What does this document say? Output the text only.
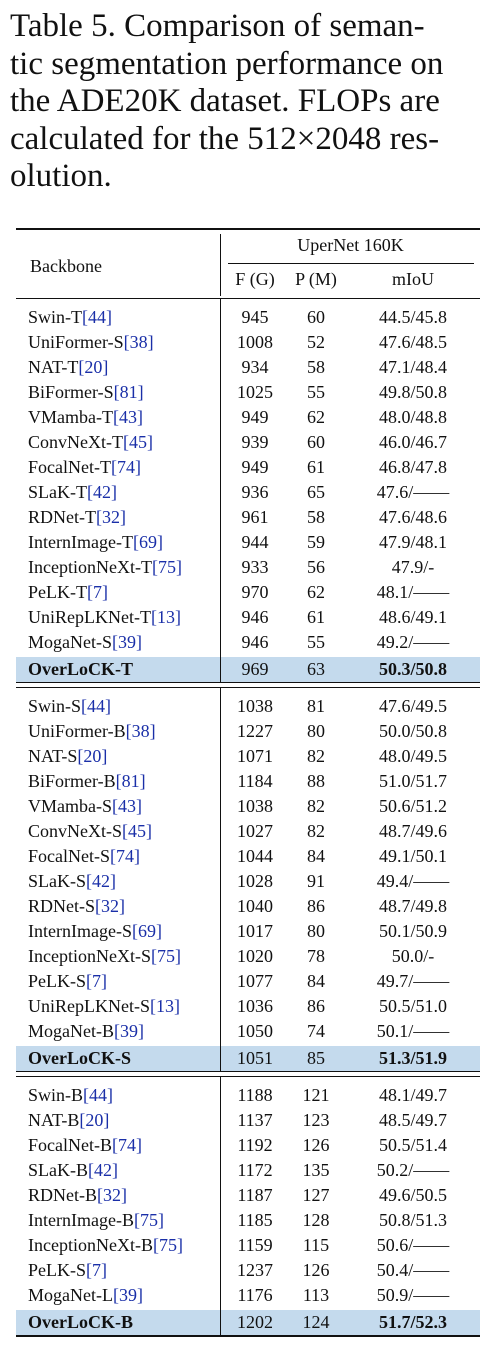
Table 5. Comparison of seman-
tic segmentation performance on
the ADE20K dataset. FLOPs are
calculated for the 512×2048 res-
olution.
Backbone
UperNet 160K
F (G)	P (M)	mIoU
Swin-T[44]	945	60	44.5/45.8
UniFormer-S[38]	1008	52	47.6/48.5
NAT-T[20]	934	58	47.1/48.4
BiFormer-S[81]	1025	55	49.8/50.8
VMamba-T[43]	949	62	48.0/48.8
ConvNeXt-T[45]	939	60	46.0/46.7
FocalNet-T[74]	949	61	46.8/47.8
SLaK-T[42]	936	65	47.6/——
RDNet-T[32]	961	58	47.6/48.6
InternImage-T[69]	944	59	47.9/48.1
InceptionNeXt-T[75]	933	56	47.9/-
PeLK-T[7]	970	62	48.1/——
UniRepLKNet-T[13]	946	61	48.6/49.1
MogaNet-S[39]	946	55	49.2/——
OverLoCK-T	969	63	50.3/50.8
Swin-S[44]	1038	81	47.6/49.5
UniFormer-B[38]	1227	80	50.0/50.8
NAT-S[20]	1071	82	48.0/49.5
BiFormer-B[81]	1184	88	51.0/51.7
VMamba-S[43]	1038	82	50.6/51.2
ConvNeXt-S[45]	1027	82	48.7/49.6
FocalNet-S[74]	1044	84	49.1/50.1
SLaK-S[42]	1028	91	49.4/——
RDNet-S[32]	1040	86	48.7/49.8
InternImage-S[69]	1017	80	50.1/50.9
InceptionNeXt-S[75]	1020	78	50.0/-
PeLK-S[7]	1077	84	49.7/——
UniRepLKNet-S[13]	1036	86	50.5/51.0
MogaNet-B[39]	1050	74	50.1/——
OverLoCK-S	1051	85	51.3/51.9
Swin-B[44]	1188	121	48.1/49.7
NAT-B[20]	1137	123	48.5/49.7
FocalNet-B[74]	1192	126	50.5/51.4
SLaK-B[42]	1172	135	50.2/——
RDNet-B[32]	1187	127	49.6/50.5
InternImage-B[75]	1185	128	50.8/51.3
InceptionNeXt-B[75]	1159	115	50.6/——
PeLK-S[7]	1237	126	50.4/——
MogaNet-L[39]	1176	113	50.9/——
OverLoCK-B	1202	124	51.7/52.3
